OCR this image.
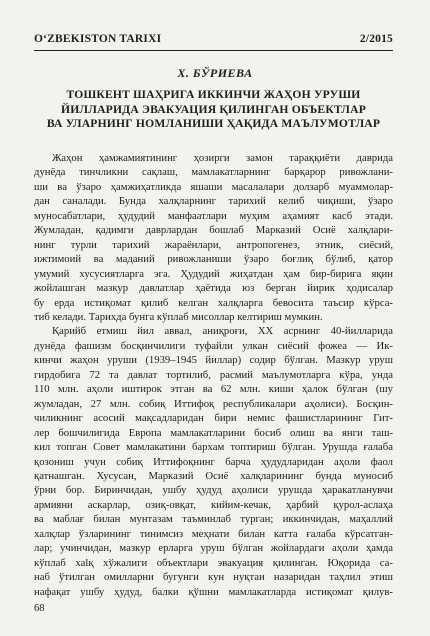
O‘ZBEKISTON TARIXI	2/2015
Х. БЎРИЕВА
ТОШКЕНТ ШАҲРИГА ИККИНЧИ ЖАҲОН УРУШИ
ЙИЛЛАРИДА ЭВАКУАЦИЯ ҚИЛИНГАН ОБЪЕКТЛАР
ВА УЛАРНИНГ НОМЛАНИШИ ҲАҚИДА МАЪЛУМОТЛАР
Жаҳон ҳамжамиятининг ҳозирги замон тараққиёти даврида
дунёда тинчликни сақлаш, мамлакатларнинг барқарор ривожлани-
ши ва ўзаро ҳамжиҳатликда яшаши масалалари долзарб муаммолар-
дан саналади. Бунда халқларнинг тарихий келиб чиқиши, ўзаро
муносабатлари, ҳудудий манфаатлари муҳим аҳамият касб этади.
Жумладан, қадимги даврлардан бошлаб Марказий Осиё халқлари-
нинг турли тарихий жараёнлари, антропогенез, этник, сиёсий,
ижтимоий ва маданий ривожланиши ўзаро боғлиқ бўлиб, қатор
умумий хусусиятларга эга. Ҳудудий жиҳатдан ҳам бир-бирига яқин
жойлашган мазкур давлатлар ҳаётида юз берган йирик ҳодисалар
бу ерда истиқомат қилиб келган халқларга бевосита таъсир кўрса-
тиб келади. Тарихда бунга кўплаб мисоллар келтириш мумкин.
Қарийб етмиш йил аввал, аниқроғи, XX асрнинг 40-йилларида
дунёда фашизм босқинчилиги туфайли улкан сиёсий фожеа — Ик-
кинчи жаҳон уруши (1939–1945 йиллар) содир бўлган. Мазкур уруш
гирдобига 72 та давлат тортилиб, расмий маълумотларга кўра, унда
110 млн. аҳоли иштирок этган ва 62 млн. киши ҳалок бўлган (шу
жумладан, 27 млн. собиқ Иттифоқ республикалари аҳолиси). Босқин-
чиликнинг асосий мақсадларидан бири немис фашистларининг Гит-
лер бошчилигида Европа мамлакатларини босиб олиш ва янги таш-
кил топган Совет мамлакатини бархам топтириш бўлган. Урушда ғалаба
қозониш учун собиқ Иттифоқнинг барча ҳудудларидан аҳоли фаол
қатнашган. Хусусан, Марказий Осиё халқларининг бунда муносиб
ўрни бор. Биринчидан, ушбу ҳудуд аҳолиси урушда ҳаракатланувчи
армияни аскарлар, озиқ-овқат, кийим-кечак, ҳарбий қурол-аслаҳа
ва маблағ билан мунтазам таъминлаб турган; иккинчидан, маҳаллий
халқлар ўзларининг тинимсиз меҳнати билан катта ғалаба кўрсатган-
лар; учинчидан, мазкур ерларга уруш бўлган жойлардаги аҳоли ҳамда
кўплаб хalқ хўжалиги объектлари эвакуация қилинган. Юқорида са-
наб ўтилган омилларни бугунги кун нуқтаи назаридан таҳлил этиш
нафақат ушбу ҳудуд, балки қўшни мамлакатларда истиқомат қилув-
68
